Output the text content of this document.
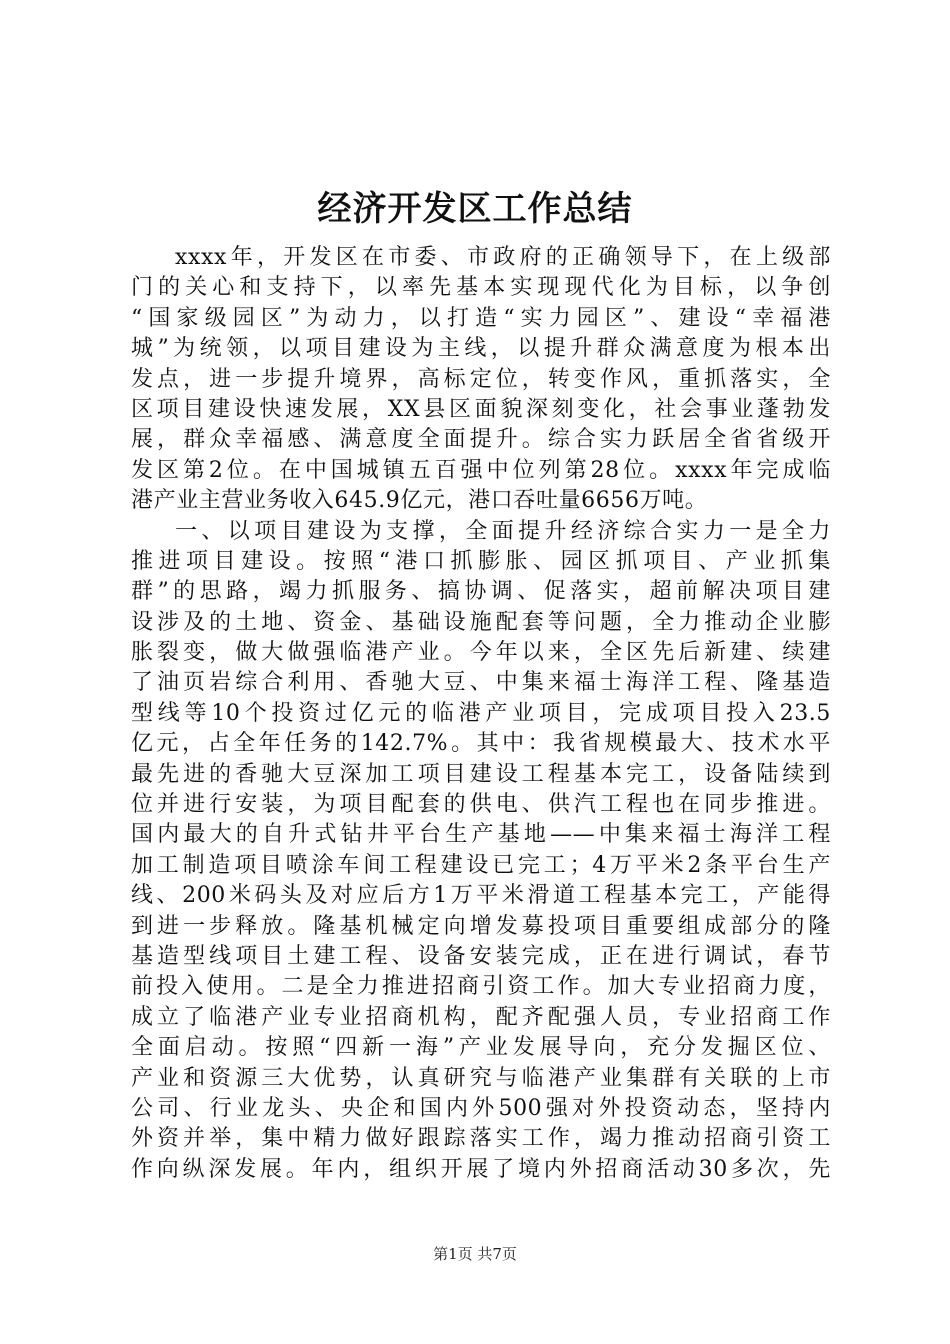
经济开发区工作总结
xxxx年，开发区在市委、市政府的正确领导下，在上级部
门的关心和支持下，以率先基本实现现代化为目标，以争创
“国家级园区”为动力，以打造“实力园区”、建设“幸福港
城”为统领，以项目建设为主线，以提升群众满意度为根本出
发点，进一步提升境界，高标定位，转变作风，重抓落实，全
区项目建设快速发展，XX县区面貌深刻变化，社会事业蓬勃发
展，群众幸福感、满意度全面提升。综合实力跃居全省省级开
发区第2位。在中国城镇五百强中位列第28位。xxxx年完成临
港产业主营业务收入645.9亿元，港口吞吐量6656万吨。
一、以项目建设为支撑，全面提升经济综合实力一是全力
推进项目建设。按照“港口抓膨胀、园区抓项目、产业抓集
群”的思路，竭力抓服务、搞协调、促落实，超前解决项目建
设涉及的土地、资金、基础设施配套等问题，全力推动企业膨
胀裂变，做大做强临港产业。今年以来，全区先后新建、续建
了油页岩综合利用、香驰大豆、中集来福士海洋工程、隆基造
型线等10个投资过亿元的临港产业项目，完成项目投入23.5
亿元，占全年任务的142.7%。其中：我省规模最大、技术水平
最先进的香驰大豆深加工项目建设工程基本完工，设备陆续到
位并进行安装，为项目配套的供电、供汽工程也在同步推进。
国内最大的自升式钻井平台生产基地——中集来福士海洋工程
加工制造项目喷涂车间工程建设已完工；4万平米2条平台生产
线、200米码头及对应后方1万平米滑道工程基本完工，产能得
到进一步释放。隆基机械定向增发募投项目重要组成部分的隆
基造型线项目土建工程、设备安装完成，正在进行调试，春节
前投入使用。二是全力推进招商引资工作。加大专业招商力度，
成立了临港产业专业招商机构，配齐配强人员，专业招商工作
全面启动。按照“四新一海”产业发展导向，充分发掘区位、
产业和资源三大优势，认真研究与临港产业集群有关联的上市
公司、行业龙头、央企和国内外500强对外投资动态，坚持内
外资并举，集中精力做好跟踪落实工作，竭力推动招商引资工
作向纵深发展。年内，组织开展了境内外招商活动30多次，先
第1页 共7页
